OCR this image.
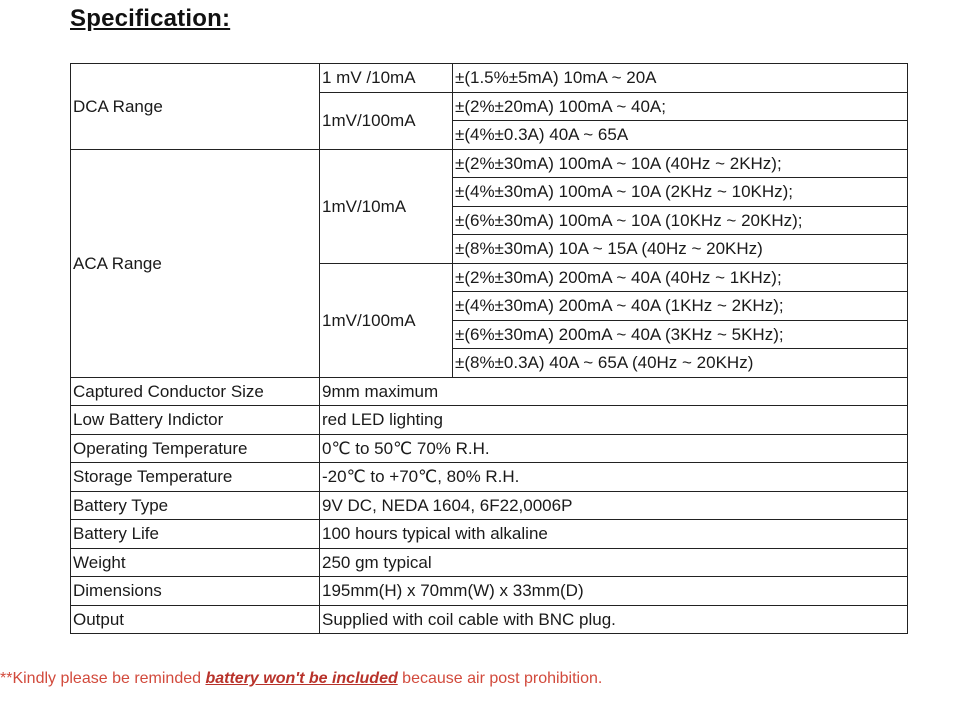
Specification:
DCA Range	1 mV /10mA	±(1.5%±5mA) 10mA ~ 20A
	1mV/100mA	±(2%±20mA) 100mA ~ 40A;
		±(4%±0.3A) 40A ~ 65A
ACA Range	1mV/10mA	±(2%±30mA) 100mA ~ 10A (40Hz ~ 2KHz);
		±(4%±30mA) 100mA ~ 10A (2KHz ~ 10KHz);
		±(6%±30mA) 100mA ~ 10A (10KHz ~ 20KHz);
		±(8%±30mA) 10A ~ 15A (40Hz ~ 20KHz)
	1mV/100mA	±(2%±30mA) 200mA ~ 40A (40Hz ~ 1KHz);
		±(4%±30mA) 200mA ~ 40A (1KHz ~ 2KHz);
		±(6%±30mA) 200mA ~ 40A (3KHz ~ 5KHz);
		±(8%±0.3A) 40A ~ 65A (40Hz ~ 20KHz)
Captured Conductor Size	9mm maximum	
Low Battery Indictor	red LED lighting	
Operating Temperature	0℃ to 50℃ 70% R.H.	
Storage Temperature	-20℃ to +70℃, 80% R.H.	
Battery Type	9V DC, NEDA 1604, 6F22,0006P	
Battery Life	100 hours typical with alkaline	
Weight	250 gm typical	
Dimensions	195mm(H) x 70mm(W) x 33mm(D)	
Output	Supplied with coil cable with BNC plug.	
**Kindly please be reminded battery won't be included because air post prohibition.
